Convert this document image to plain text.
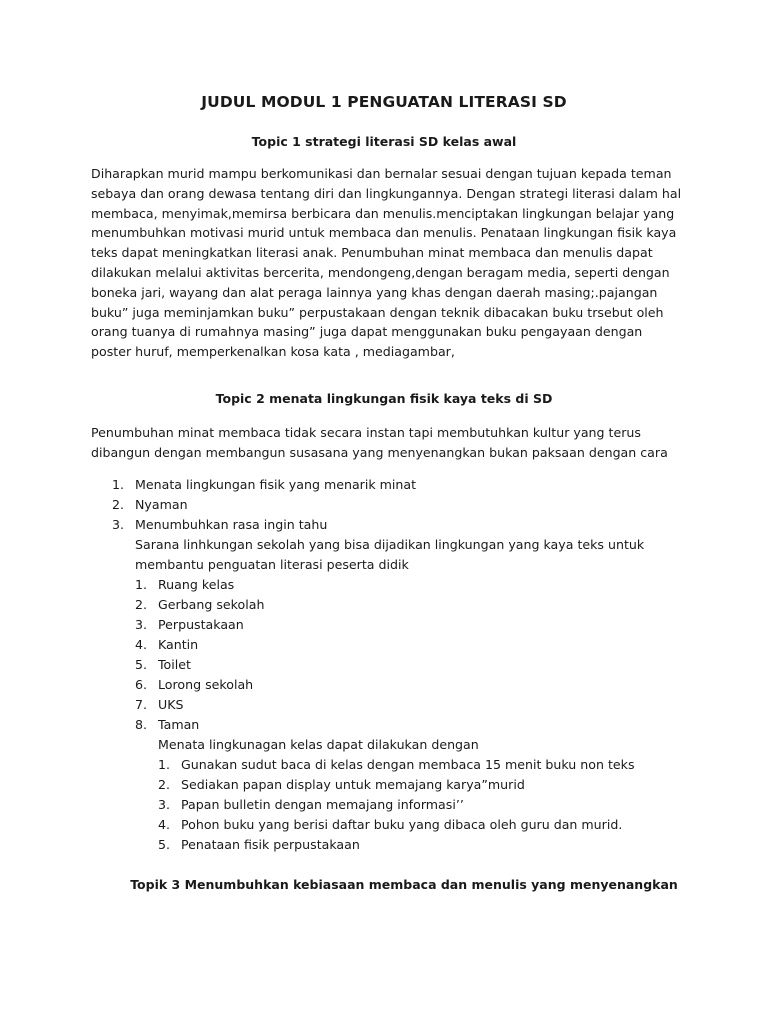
JUDUL MODUL 1 PENGUATAN LITERASI SD
Topic 1 strategi literasi SD kelas awal
Diharapkan murid mampu berkomunikasi dan bernalar sesuai dengan tujuan kepada teman sebaya dan orang dewasa tentang diri dan lingkungannya. Dengan strategi literasi dalam hal membaca, menyimak,memirsa berbicara dan menulis.menciptakan lingkungan belajar yang menumbuhkan motivasi murid untuk membaca dan menulis. Penataan lingkungan fisik kaya teks dapat meningkatkan literasi anak. Penumbuhan minat membaca dan menulis dapat dilakukan melalui aktivitas bercerita, mendongeng,dengan beragam media, seperti dengan boneka jari, wayang dan alat peraga lainnya yang khas dengan daerah masing;.pajangan buku” juga meminjamkan buku” perpustakaan dengan teknik dibacakan buku trsebut oleh orang tuanya di rumahnya masing” juga dapat menggunakan buku pengayaan dengan poster huruf, memperkenalkan kosa kata , mediagambar,
Topic 2 menata lingkungan fisik kaya teks di SD
Penumbuhan minat membaca tidak secara instan tapi membutuhkan kultur yang terus dibangun dengan membangun susasana yang menyenangkan bukan paksaan dengan cara
1. Menata lingkungan fisik yang menarik minat
2. Nyaman
3. Menumbuhkan rasa ingin tahu
Sarana linhkungan sekolah yang bisa dijadikan lingkungan yang kaya teks untuk membantu penguatan literasi peserta didik
1. Ruang kelas
2. Gerbang sekolah
3. Perpustakaan
4. Kantin
5. Toilet
6. Lorong sekolah
7. UKS
8. Taman
Menata lingkunagan kelas dapat dilakukan dengan
1. Gunakan sudut baca di kelas dengan membaca 15 menit buku non teks
2. Sediakan papan display untuk memajang karya”murid
3. Papan bulletin dengan memajang informasi’’
4. Pohon buku yang berisi daftar buku yang dibaca oleh guru dan murid.
5. Penataan fisik perpustakaan
Topik 3 Menumbuhkan kebiasaan membaca dan menulis yang menyenangkan
